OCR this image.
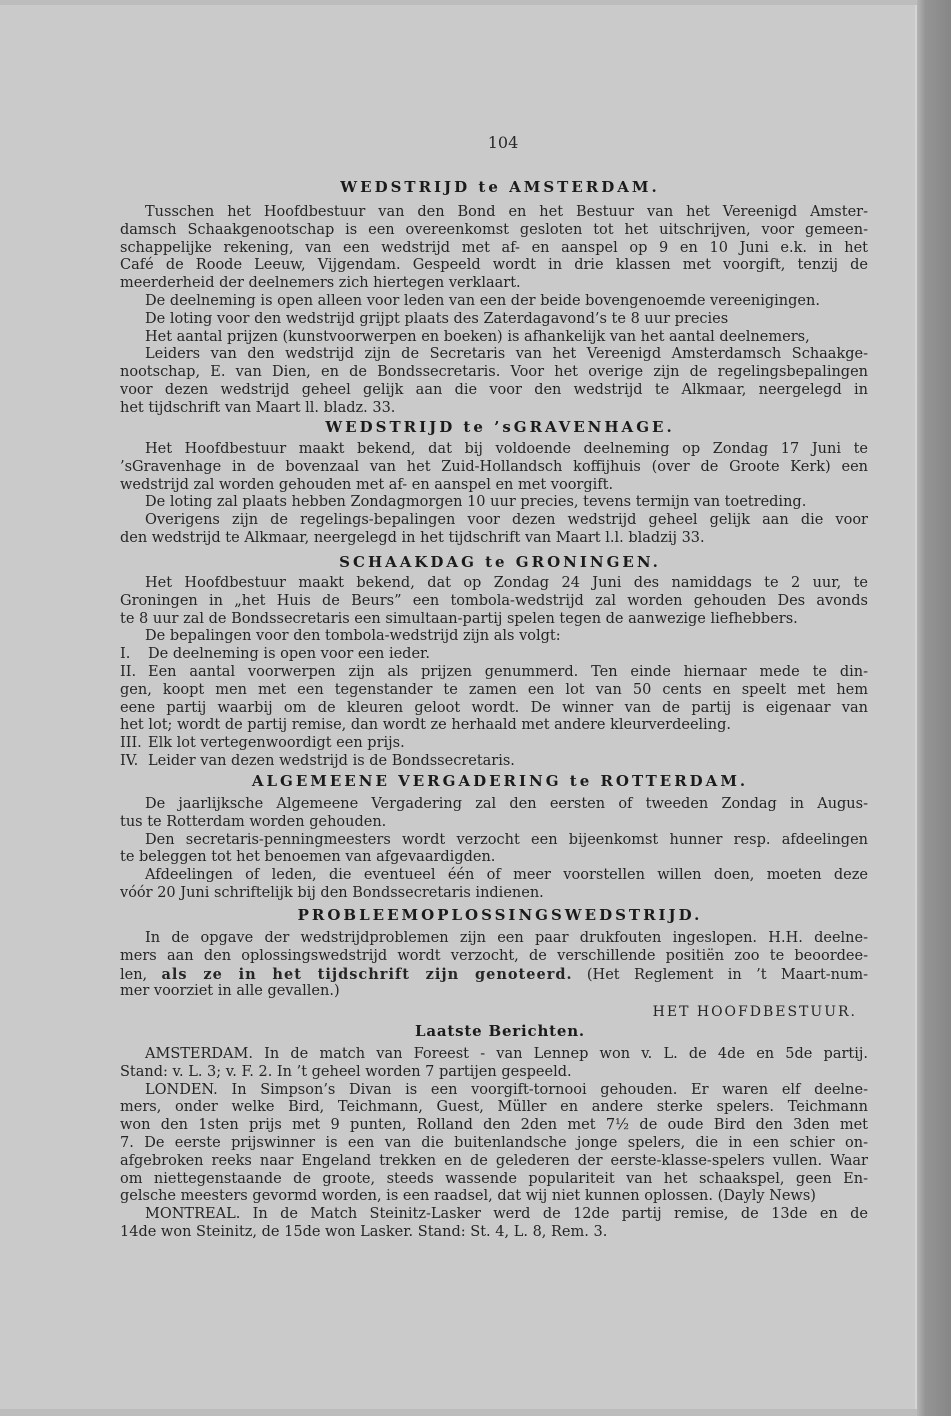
104
WEDSTRIJD te AMSTERDAM.
Tusschen het Hoofdbestuur van den Bond en het Bestuur van het Vereenigd Amster-
damsch Schaakgenootschap is een overeenkomst gesloten tot het uitschrijven, voor gemeen-
schappelijke rekening, van een wedstrijd met af- en aanspel op 9 en 10 Juni e.k. in het
Café de Roode Leeuw, Vijgendam. Gespeeld wordt in drie klassen met voorgift, tenzij de
meerderheid der deelnemers zich hiertegen verklaart.
De deelneming is open alleen voor leden van een der beide bovengenoemde vereenigingen.
De loting voor den wedstrijd grijpt plaats des Zaterdagavond’s te 8 uur precies
Het aantal prijzen (kunstvoorwerpen en boeken) is afhankelijk van het aantal deelnemers,
Leiders van den wedstrijd zijn de Secretaris van het Vereenigd Amsterdamsch Schaakge-
nootschap, E. van Dien, en de Bondssecretaris. Voor het overige zijn de regelingsbepalingen
voor dezen wedstrijd geheel gelijk aan die voor den wedstrijd te Alkmaar, neergelegd in
het tijdschrift van Maart ll. bladz. 33.
WEDSTRIJD te ’sGRAVENHAGE.
Het Hoofdbestuur maakt bekend, dat bij voldoende deelneming op Zondag 17 Juni te
’sGravenhage in de bovenzaal van het Zuid-Hollandsch koffijhuis (over de Groote Kerk) een
wedstrijd zal worden gehouden met af- en aanspel en met voorgift.
De loting zal plaats hebben Zondagmorgen 10 uur precies, tevens termijn van toetreding.
Overigens zijn de regelings-bepalingen voor dezen wedstrijd geheel gelijk aan die voor
den wedstrijd te Alkmaar, neergelegd in het tijdschrift van Maart l.l. bladzij 33.
SCHAAKDAG te GRONINGEN.
Het Hoofdbestuur maakt bekend, dat op Zondag 24 Juni des namiddags te 2 uur, te
Groningen in „het Huis de Beurs” een tombola-wedstrijd zal worden gehouden Des avonds
te 8 uur zal de Bondssecretaris een simultaan-partij spelen tegen de aanwezige liefhebbers.
De bepalingen voor den tombola-wedstrijd zijn als volgt:
I. De deelneming is open voor een ieder.
II. Een aantal voorwerpen zijn als prijzen genummerd. Ten einde hiernaar mede te din-
gen, koopt men met een tegenstander te zamen een lot van 50 cents en speelt met hem
eene partij waarbij om de kleuren geloot wordt. De winner van de partij is eigenaar van
het lot; wordt de partij remise, dan wordt ze herhaald met andere kleurverdeeling.
III. Elk lot vertegenwoordigt een prijs.
IV. Leider van dezen wedstrijd is de Bondssecretaris.
ALGEMEENE VERGADERING te ROTTERDAM.
De jaarlijksche Algemeene Vergadering zal den eersten of tweeden Zondag in Augus-
tus te Rotterdam worden gehouden.
Den secretaris-penningmeesters wordt verzocht een bijeenkomst hunner resp. afdeelingen
te beleggen tot het benoemen van afgevaardigden.
Afdeelingen of leden, die eventueel één of meer voorstellen willen doen, moeten deze
vóór 20 Juni schriftelijk bij den Bondssecretaris indienen.
PROBLEEMOPLOSSINGSWEDSTRIJD.
In de opgave der wedstrijdproblemen zijn een paar drukfouten ingeslopen. H.H. deelne-
mers aan den oplossingswedstrijd wordt verzocht, de verschillende positiën zoo te beoordee-
len, als ze in het tijdschrift zijn genoteerd. (Het Reglement in ’t Maart-num-
mer voorziet in alle gevallen.)
HET HOOFDBESTUUR.
Laatste Berichten.
AMSTERDAM. In de match van Foreest - van Lennep won v. L. de 4de en 5de partij.
Stand: v. L. 3; v. F. 2. In ’t geheel worden 7 partijen gespeeld.
LONDEN. In Simpson’s Divan is een voorgift-tornooi gehouden. Er waren elf deelne-
mers, onder welke Bird, Teichmann, Guest, Müller en andere sterke spelers. Teichmann
won den 1sten prijs met 9 punten, Rolland den 2den met 7½ de oude Bird den 3den met
7. De eerste prijswinner is een van die buitenlandsche jonge spelers, die in een schier on-
afgebroken reeks naar Engeland trekken en de gelederen der eerste-klasse-spelers vullen. Waar
om niettegenstaande de groote, steeds wassende populariteit van het schaakspel, geen En-
gelsche meesters gevormd worden, is een raadsel, dat wij niet kunnen oplossen. (Dayly News)
MONTREAL. In de Match Steinitz-Lasker werd de 12de partij remise, de 13de en de
14de won Steinitz, de 15de won Lasker. Stand: St. 4, L. 8, Rem. 3.
